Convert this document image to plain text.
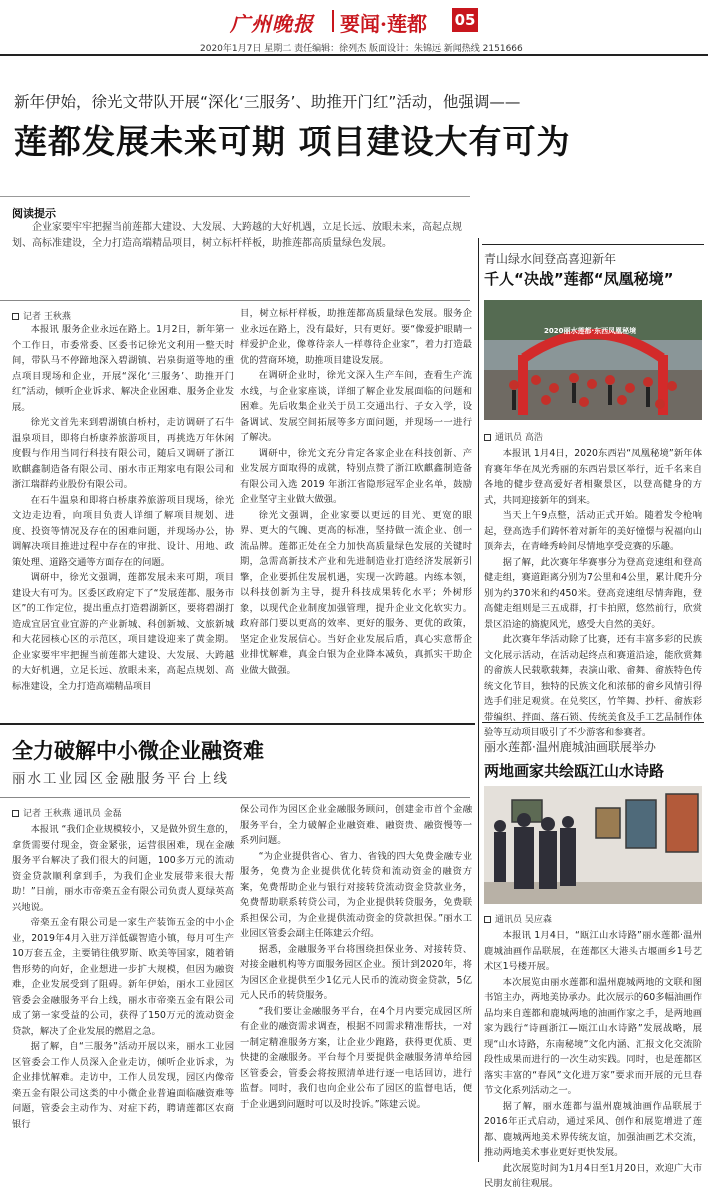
广州晚报 要闻·莲都 05
2020年1月7日 星期二 责任编辑：徐列杰 版面设计：朱锦远 新闻热线 2151666
新年伊始，徐光文带队开展“深化‘三服务’、助推开门红”活动，他强调——
莲都发展未来可期 项目建设大有可为
阅读提示
企业家要牢牢把握当前莲都大建设、大发展、大跨越的大好机遇，立足长远、放眼未来，高起点规划、高标准建设，全力打造高端精品项目，树立标杆样板，助推莲都高质量绿色发展。
记者 王秋燕

本报讯 服务企业永远在路上。1月2日，新年第一个工作日，市委常委、区委书记徐光文利用一整天时间，带队马不停蹄地深入碧湖镇、岩泉街道等地的重点项目现场和企业，开展“深化‘三服务’、助推开门红”活动，倾听企业诉求、解决企业困难、服务企业发展。

徐光文首先来到碧湖镇白桥村，走访调研了石牛温泉项目，即将白桥康养旅游项目，再挑选万年休闲度假与作用当同行科技有限公司，随后又调研了浙江欧麒鑫制造备有限公司、丽水市正翔家电有限公司和浙江瑞群药业股份有限公司。

在石牛温泉和即将白桥康养旅游项目现场，徐光文边走边看，向项目负责人详细了解项目规划、进度、投资等情况及存在的困难问题，并现场办公，协调解决项目推进过程中存在的审批、设计、用地、政策处理、道路交通等方面存在的问题。

调研中，徐光文强调，莲都发展未来可期，项目建设大有可为。区委区政府定下了“发展莲都、服务市区”的工作定位，提出重点打造碧湖新区，要将碧湖打造成宜居宜业宜游的产业新城、科创新城、文旅新城和大花园核心区的示范区，项目建设迎来了黄金期。企业家要牢牢把握当前莲都大建设、大发展、大跨越的大好机遇，立足长远、放眼未来，高起点规划、高标准建设，全力打造高端精品项目

目，树立标杆样板，助推莲都高质量绿色发展。服务企业永远在路上，没有最好，只有更好。要“像爱护眼睛一样爱护企业，像尊待亲人一样尊待企业家”，着力打造最优的营商环境，助推项目建设发展。

在调研企业时，徐光文深入生产车间，查看生产流水线，与企业家座谈，详细了解企业发展面临的问题和困难。先后收集企业关于员工交通出行、子女入学，设备调试、发展空间拓展等多方面问题，并现场一一进行了解决。

调研中，徐光文充分肯定各家企业在科技创新、产业发展方面取得的成就，特别点赞了浙江欧麒鑫制造备有限公司入选 2019 年浙江省隐形冠军企业名单，鼓励企业坚守主业做大做强。

徐光文强调，企业家要以更远的目光、更宽的眼界、更大的气魄、更高的标准，坚持做一流企业、创一流品牌。莲都正处在全力加快高质量绿色发展的关键时期，急需高新技术产业和先进制造业打造经济发展新引擎，企业要抓住发展机遇，实现一次跨越。内练本领，以科技创新为主导，提升科技成果转化水平；外树形象，以现代企业制度加强管理，提升企业文化软实力。政府部门要以更高的效率、更好的服务、更优的政策，坚定企业发展信心。当好企业发展后盾，真心实意帮企业排忧解难，真金白银为企业降本减负，真抓实干助企业做大做强。

全力破解中小微企业融资难
丽水工业园区金融服务平台上线
记者 王秋燕 通讯员 金磊

本报讯 “我们企业规模较小，又是做外贸生意的，拿货需要付现金，资金紧张，运营很困难，现在金融服务平台解决了我们很大的问题，100多万元的流动资金贷款顺利拿到手，为我们企业发展带来很大帮助！”日前，丽水市帝楽五金有限公司负责人夏绿英高兴地说。

帝楽五金有限公司是一家生产装饰五金的中小企业，2019年4月入驻万洋低碳智造小镇，每月可生产10万套五金，主要销往俄罗斯、欧美等国家，随着销售形势的向好，企业想进一步扩大规模，但因为融资难，企业发展受到了阻碍。新年伊始，丽水工业园区管委会金融服务平台上线，丽水市帝楽五金有限公司成了第一家受益的公司，获得了150万元的流动资金贷款，解决了企业发展的燃眉之急。

据了解，自“三服务”活动开展以来，丽水工业园区管委会工作人员深入企业走访，倾听企业诉求，为企业排忧解难。走访中，工作人员发现，园区内像帝楽五金有限公司这类的中小微企业普遍面临融资难等问题，管委会主动作为、对症下药，聘请莲都区农商银行

保公司作为园区企业金融服务顾问，创建金市首个金融服务平台，全力破解企业融资难、融资贵、融资慢等一系列问题。

“为企业提供省心、省力、省钱的四大免费金融专业服务，免费为企业提供优化转贷和流动资金的融资方案，免费帮助企业与银行对接转贷流动资金贷款业务，免费帮助联系转贷公司，为企业提供转贷服务，免费联系担保公司，为企业提供流动资金的贷款担保。”丽水工业园区管委会副主任陈建云介绍。

据悉，金融服务平台将围绕担保业务、对接转贷、对接金融机构等方面服务园区企业。预计到2020年，将为园区企业提供至少1亿元人民币的流动资金贷款，5亿元人民币的转贷服务。

“我们要让金融服务平台，在4个月内要完成园区所有企业的融资需求调查，根据不同需求精准帮扶，一对一制定精准服务方案，让企业少跑路，获得更优质、更快捷的金融服务。平台每个月要提供金融服务清单给园区管委会，管委会将按照清单进行逐一电话回访，进行监督。同时，我们也向企业公布了园区的监督电话，便于企业遇到问题时可以及时投诉。”陈建云说。

青山绿水间登高喜迎新年
千人“决战”莲都“凤凰秘境”
2020丽水莲都·东西凤凰秘境
通讯员 高浩

本报讯 1月4日，2020东西岩“凤凰秘境”新年体育赛年华在凤光秀丽的东西岩景区举行，近千名来自各地的健步登高爱好者相聚景区，以登高健身的方式，共同迎接新年的到来。

当天上午9点整，活动正式开始。随着发令枪响起，登高选手们踌怀着对新年的美好憧憬与祝福向山顶奔去，在青峰秀岭间尽情地享受竞赛的乐趣。

据了解，此次赛年华赛事分为登高竞速组和登高健走组，赛道距离分别为7公里和4公里，累计爬升分别为约370米和约450米。登高竞速组尽情奔跑，登高健走组则是三五成群，打卡拍照，悠然前行，欣赏景区沿途的旖旎风光，感受大自然的美好。

此次赛年华活动除了比赛，还有丰富多彩的民族文化展示活动，在活动起终点和赛道沿途，能欣赏舞的畲族人民载歌载舞，表演山歌、畲舞、畲族特色传统文化节目，独特的民族文化和浓郁的畲乡风情引得选手们驻足观赏。在兑奖区，竹竿舞、抄杆、畲族彩带编织、拌面、落石锁、传统美食及手工艺品制作体验等互动项目吸引了不少游客和参赛者。

丽水莲都·温州鹿城油画联展举办
两地画家共绘瓯江山水诗路
通讯员 吴应森

本报讯 1月4日，“瓯江山水诗路”丽水莲都·温州鹿城油画作品联展，在莲都区大港头古堰画乡1号艺术区1号楼开展。

本次展览由丽水莲都和温州鹿城两地的文联和图书馆主办，两地美协承办。此次展示的60多幅油画作品均来自莲都和鹿城两地的油画作家之手，是两地画家为践行“诗画浙江—瓯江山水诗路”发展战略，展现“山水诗路，东南秘境”文化内涵、汇报文化交流阶段性成果而进行的一次生动实践。同时，也是莲都区落实丰富的“春风”文化进万家”要求而开展的元旦春节文化系列活动之一。

据了解，丽水莲都与温州鹿城油画作品联展于2016年正式启动，通过采风、创作和展览增进了莲都、鹿城两地美术界传统友谊，加强油画艺术交流，推动两地美术事业更好更快发展。

此次展览时间为1月4日至1月20日，欢迎广大市民朋友前往观展。
